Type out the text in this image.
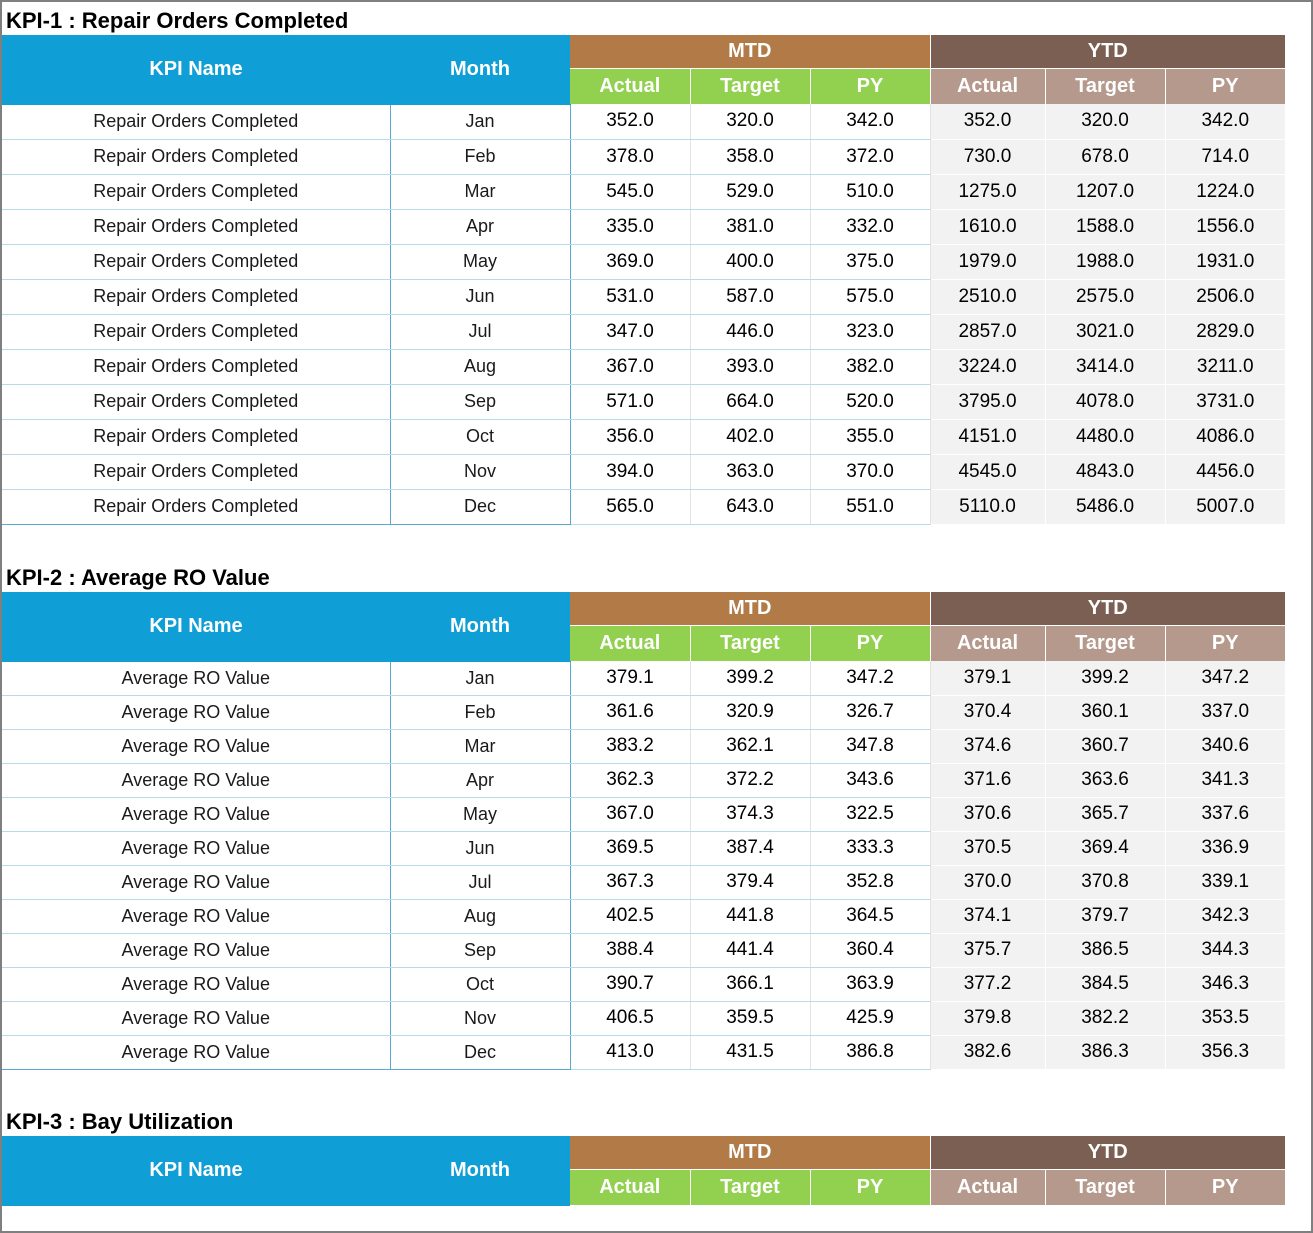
KPI-1 : Repair Orders Completed
KPI Name	Month	MTD			YTD		
		Actual	Target	PY	Actual	Target	PY
Repair Orders Completed	Jan	352.0	320.0	342.0	352.0	320.0	342.0
Repair Orders Completed	Feb	378.0	358.0	372.0	730.0	678.0	714.0
Repair Orders Completed	Mar	545.0	529.0	510.0	1275.0	1207.0	1224.0
Repair Orders Completed	Apr	335.0	381.0	332.0	1610.0	1588.0	1556.0
Repair Orders Completed	May	369.0	400.0	375.0	1979.0	1988.0	1931.0
Repair Orders Completed	Jun	531.0	587.0	575.0	2510.0	2575.0	2506.0
Repair Orders Completed	Jul	347.0	446.0	323.0	2857.0	3021.0	2829.0
Repair Orders Completed	Aug	367.0	393.0	382.0	3224.0	3414.0	3211.0
Repair Orders Completed	Sep	571.0	664.0	520.0	3795.0	4078.0	3731.0
Repair Orders Completed	Oct	356.0	402.0	355.0	4151.0	4480.0	4086.0
Repair Orders Completed	Nov	394.0	363.0	370.0	4545.0	4843.0	4456.0
Repair Orders Completed	Dec	565.0	643.0	551.0	5110.0	5486.0	5007.0
KPI-2 : Average RO Value
KPI Name	Month	MTD			YTD		
		Actual	Target	PY	Actual	Target	PY
Average RO Value	Jan	379.1	399.2	347.2	379.1	399.2	347.2
Average RO Value	Feb	361.6	320.9	326.7	370.4	360.1	337.0
Average RO Value	Mar	383.2	362.1	347.8	374.6	360.7	340.6
Average RO Value	Apr	362.3	372.2	343.6	371.6	363.6	341.3
Average RO Value	May	367.0	374.3	322.5	370.6	365.7	337.6
Average RO Value	Jun	369.5	387.4	333.3	370.5	369.4	336.9
Average RO Value	Jul	367.3	379.4	352.8	370.0	370.8	339.1
Average RO Value	Aug	402.5	441.8	364.5	374.1	379.7	342.3
Average RO Value	Sep	388.4	441.4	360.4	375.7	386.5	344.3
Average RO Value	Oct	390.7	366.1	363.9	377.2	384.5	346.3
Average RO Value	Nov	406.5	359.5	425.9	379.8	382.2	353.5
Average RO Value	Dec	413.0	431.5	386.8	382.6	386.3	356.3
KPI-3 : Bay Utilization
KPI Name	Month	MTD			YTD		
		Actual	Target	PY	Actual	Target	PY
